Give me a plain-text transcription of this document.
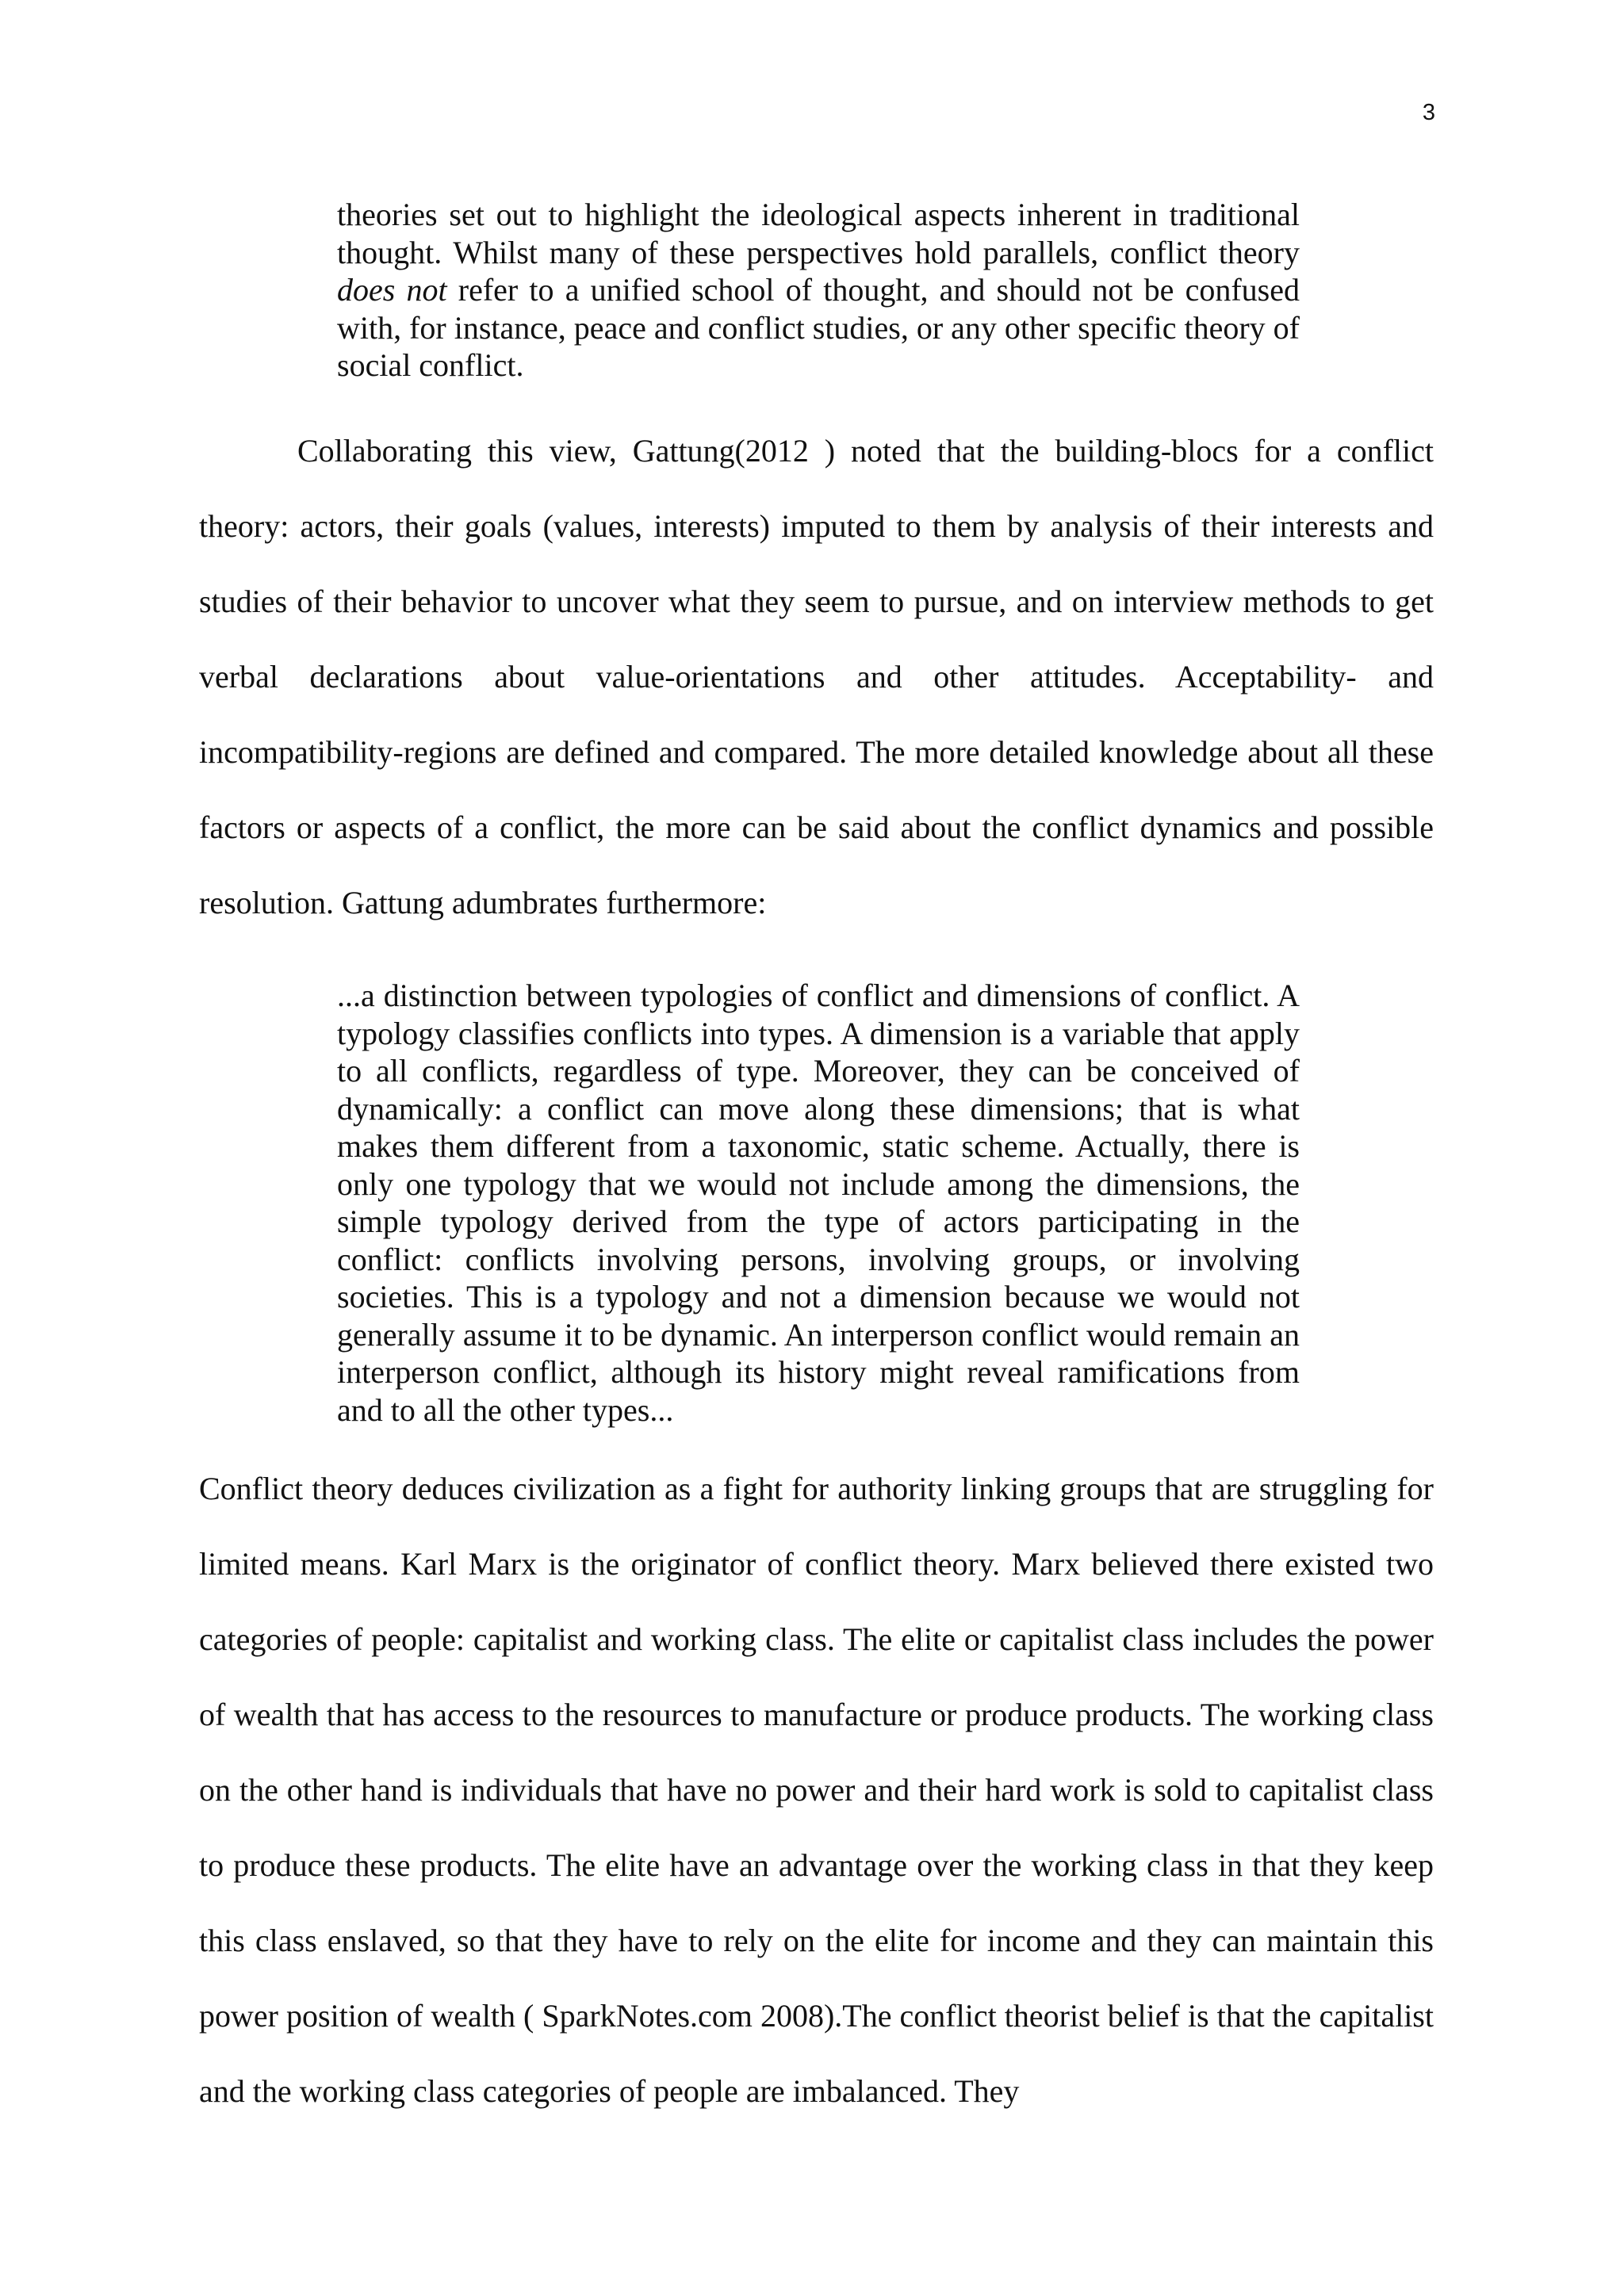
3

theories set out to highlight the ideological aspects inherent in traditional thought. Whilst many of these perspectives hold parallels, conflict theory does not refer to a unified school of thought, and should not be confused with, for instance, peace and conflict studies, or any other specific theory of social conflict.

Collaborating this view, Gattung(2012 ) noted that the building-blocs for a conflict theory: actors, their goals (values, interests) imputed to them by analysis of their interests and studies of their behavior to uncover what they seem to pursue, and on interview methods to get verbal declarations about value-orientations and other attitudes. Acceptability- and incompatibility-regions are defined and compared. The more detailed knowledge about all these factors or aspects of a conflict, the more can be said about the conflict dynamics and possible resolution. Gattung adumbrates furthermore:

...a distinction between typologies of conflict and dimensions of conflict. A typology classifies conflicts into types. A dimension is a variable that apply to all conflicts, regardless of type. Moreover, they can be conceived of dynamically: a conflict can move along these dimensions; that is what makes them different from a taxonomic, static scheme. Actually, there is only one typology that we would not include among the dimensions, the simple typology derived from the type of actors participating in the conflict: conflicts involving persons, involving groups, or involving societies. This is a typology and not a dimension because we would not generally assume it to be dynamic. An interperson conflict would remain an interperson conflict, although its history might reveal ramifications from and to all the other types...

Conflict theory deduces civilization as a fight for authority linking groups that are struggling for limited means. Karl Marx is the originator of conflict theory. Marx believed there existed two categories of people: capitalist and working class. The elite or capitalist class includes the power of wealth that has access to the resources to manufacture or produce products. The working class on the other hand is individuals that have no power and their hard work is sold to capitalist class to produce these products. The elite have an advantage over the working class in that they keep this class enslaved, so that they have to rely on the elite for income and they can maintain this power position of wealth ( SparkNotes.com 2008).The conflict theorist belief is that the capitalist and the working class categories of people are imbalanced. They
